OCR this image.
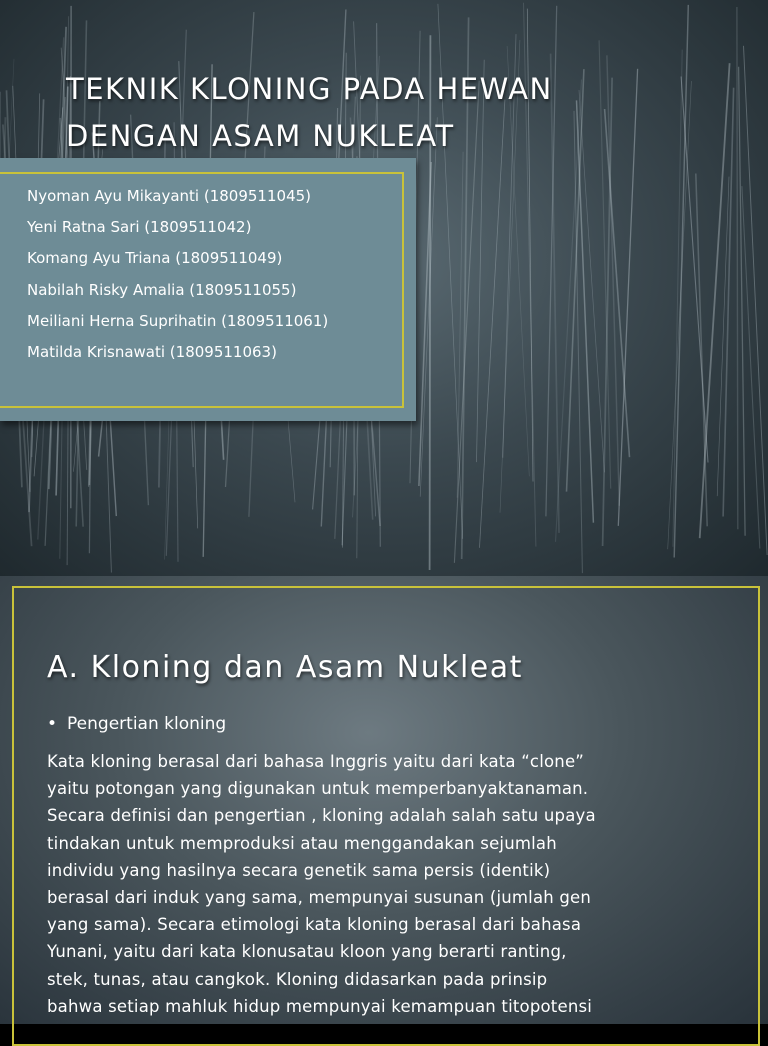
TEKNIK KLONING PADA HEWAN
DENGAN ASAM NUKLEAT
Nyoman Ayu Mikayanti (1809511045)
Yeni Ratna Sari (1809511042)
Komang Ayu Triana (1809511049)
Nabilah Risky Amalia (1809511055)
Meiliani Herna Suprihatin (1809511061)
Matilda Krisnawati (1809511063)
A. Kloning dan Asam Nukleat
• Pengertian kloning
Kata kloning berasal dari bahasa Inggris yaitu dari kata “clone”
yaitu potongan yang digunakan untuk memperbanyaktanaman.
Secara definisi dan pengertian , kloning adalah salah satu upaya
tindakan untuk memproduksi atau menggandakan sejumlah
individu yang hasilnya secara genetik sama persis (identik)
berasal dari induk yang sama, mempunyai susunan (jumlah gen
yang sama). Secara etimologi kata kloning berasal dari bahasa
Yunani, yaitu dari kata klonusatau kloon yang berarti ranting,
stek, tunas, atau cangkok. Kloning didasarkan pada prinsip
bahwa setiap mahluk hidup mempunyai kemampuan titopotensi
